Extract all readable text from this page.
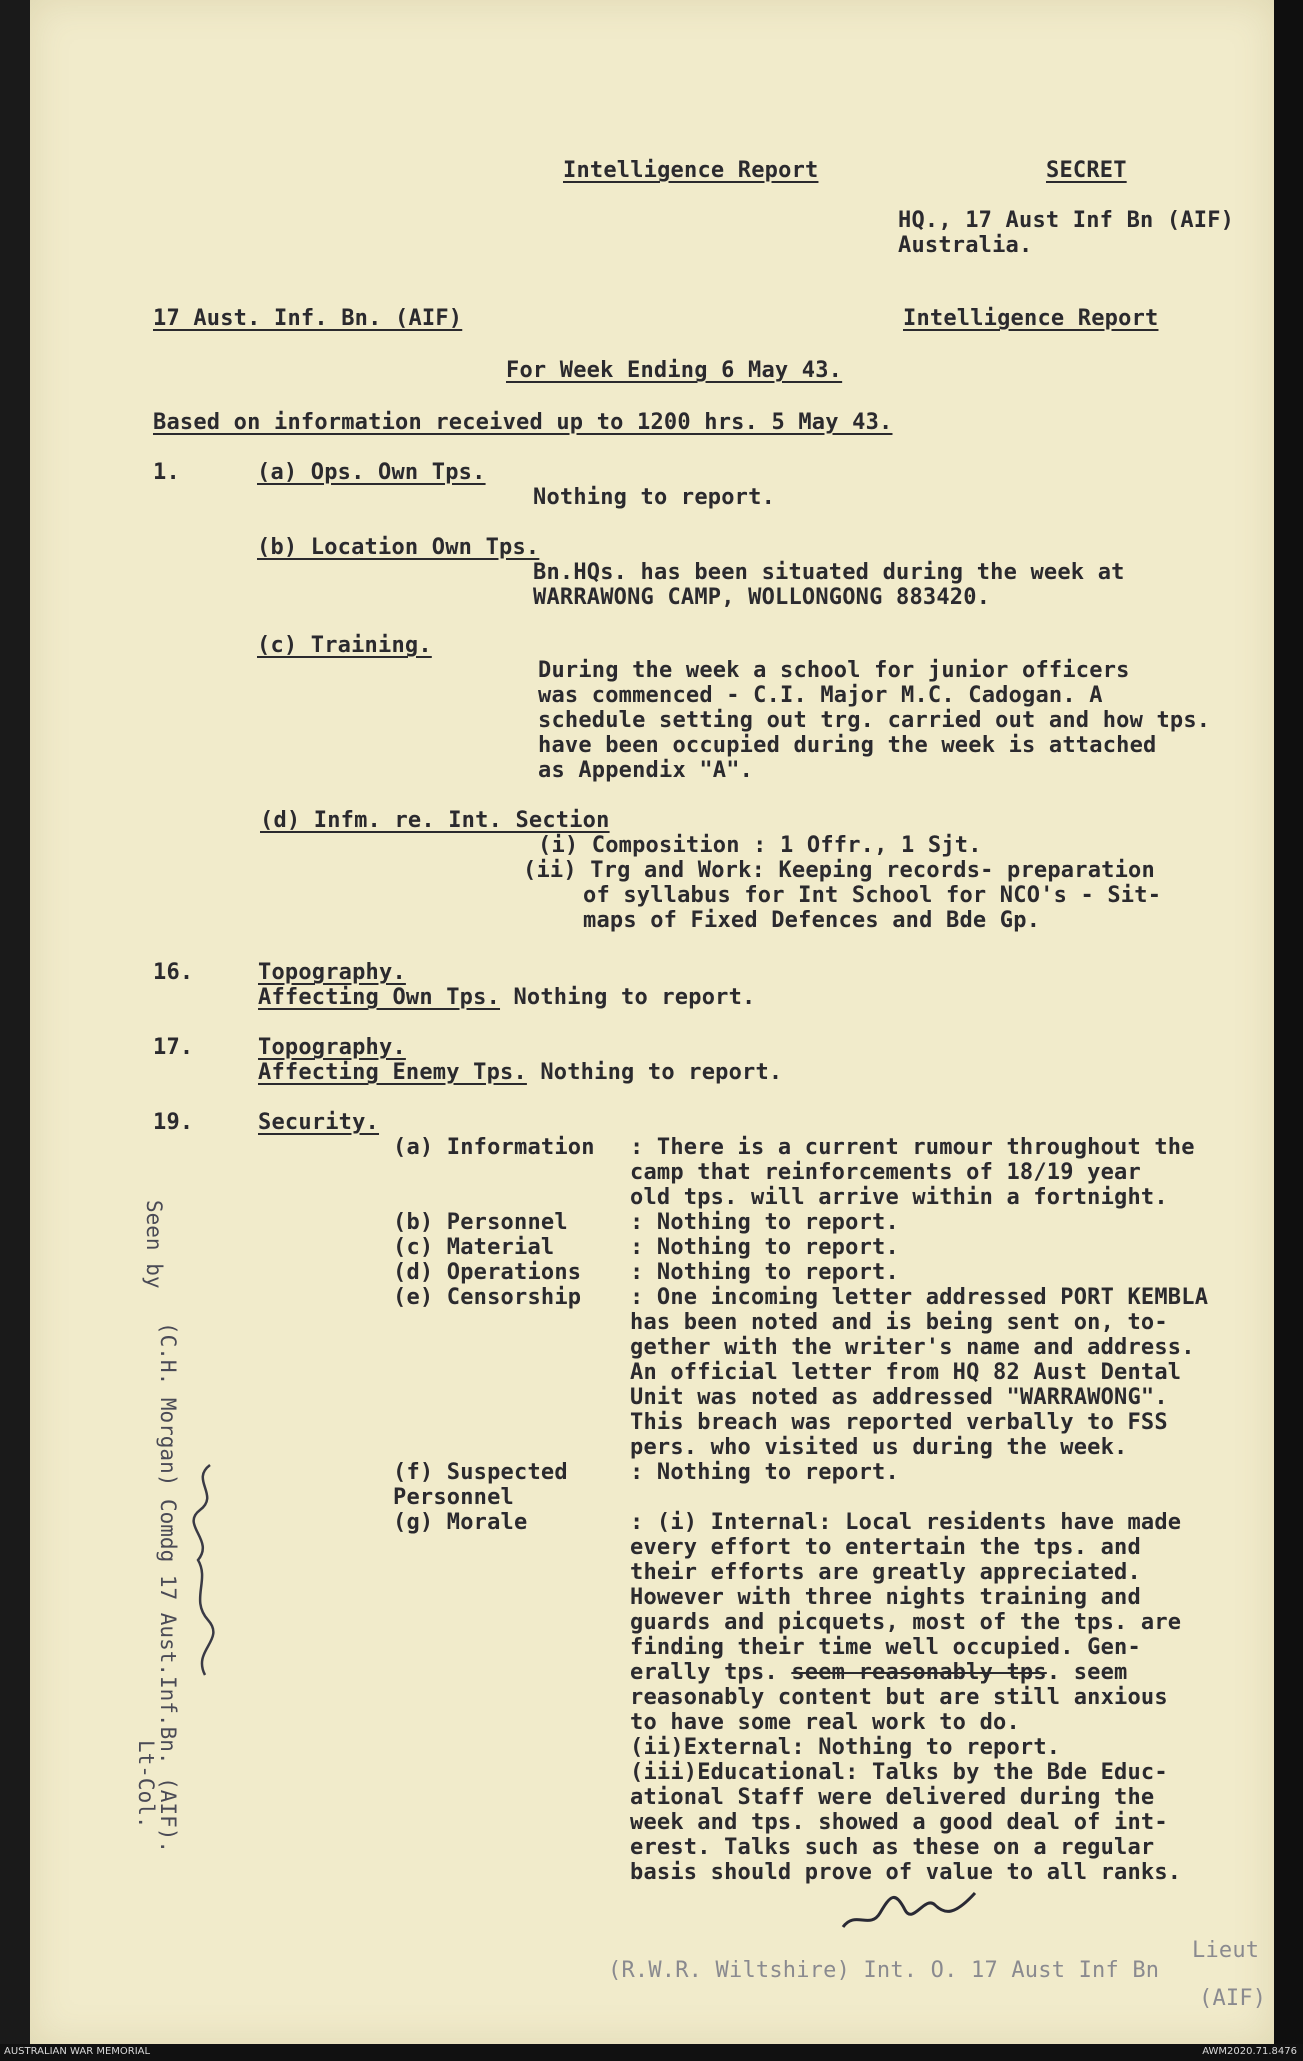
Intelligence Report	SECRET
HQ., 17 Aust Inf Bn (AIF)
Australia.
17 Aust. Inf. Bn. (AIF)	Intelligence Report
For Week Ending 6 May 43.
Based on information received up to 1200 hrs. 5 May 43.
1.	(a) Ops. Own Tps.
Nothing to report.
(b) Location Own Tps.
Bn.HQs. has been situated during the week at
WARRAWONG CAMP, WOLLONGONG 883420.
(c) Training.
During the week a school for junior officers
was commenced - C.I. Major M.C. Cadogan. A
schedule setting out trg. carried out and how tps.
have been occupied during the week is attached
as Appendix "A".
(d) Infm. re. Int. Section
(i) Composition : 1 Offr., 1 Sjt.
(ii) Trg and Work: Keeping records- preparation
of syllabus for Int School for NCO's - Sit-
maps of Fixed Defences and Bde Gp.
16.	Topography.
Affecting Own Tps. Nothing to report.
17.	Topography.
Affecting Enemy Tps. Nothing to report.
19.	Security.
(a) Information : There is a current rumour throughout the
camp that reinforcements of 18/19 year
old tps. will arrive within a fortnight.
(b) Personnel	: Nothing to report.
(c) Material	: Nothing to report.
(d) Operations : Nothing to report.
(e) Censorship : One incoming letter addressed PORT KEMBLA
has been noted and is being sent on, to-
gether with the writer's name and address.
An official letter from HQ 82 Aust Dental
Unit was noted as addressed "WARRAWONG".
This breach was reported verbally to FSS
pers. who visited us during the week.
(f) Suspected
Personnel
: Nothing to report.
(g) Morale	: (i) Internal: Local residents have made
every effort to entertain the tps. and
their efforts are greatly appreciated.
However with three nights training and
guards and picquets, most of the tps. are
finding their time well occupied. Gen-
erally tps. seem reasonably tps. seem
reasonably content but are still anxious
to have some real work to do.
(ii)External: Nothing to report.
(iii)Educational: Talks by the Bde Educ-
ational Staff were delivered during the
week and tps. showed a good deal of int-
erest. Talks such as these on a regular
basis should prove of value to all ranks.
Seen by
(C.H. Morgan) Comdg 17 Aust.Inf.Bn. (AIF).
Lt-Col.
(R.W.R. Wiltshire) Int. O. 17 Aust Inf Bn
Lieut
(AIF)
AUSTRALIAN WAR MEMORIAL	AWM2020.71.8476
